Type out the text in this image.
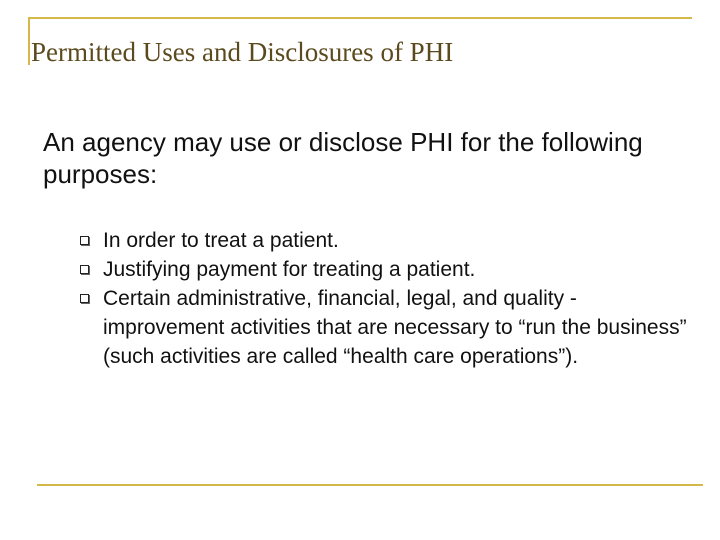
Permitted Uses and Disclosures of PHI
An agency may use or disclose PHI for the following purposes:
In order to treat a patient.
Justifying payment for treating a patient.
Certain administrative, financial, legal, and quality -improvement activities that are necessary to “run the business” (such activities are called “health care operations”).
